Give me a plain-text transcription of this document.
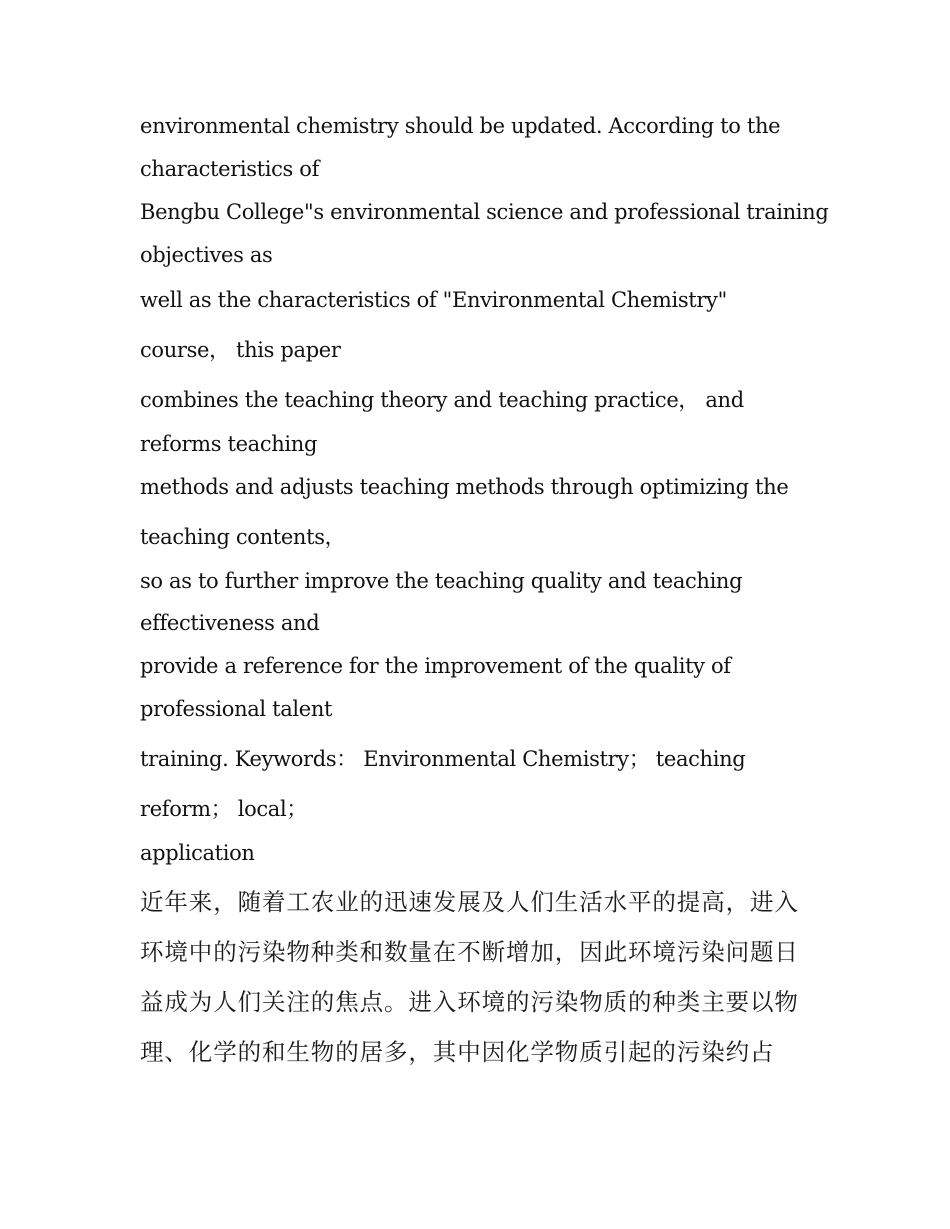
environmental chemistry should be updated. According to the
characteristics of
Bengbu College"s environmental science and professional training
objectives as
well as the characteristics of "Environmental Chemistry"
course， this paper
combines the teaching theory and teaching practice， and
reforms teaching
methods and adjusts teaching methods through optimizing the
teaching contents，
so as to further improve the teaching quality and teaching
effectiveness and
provide a reference for the improvement of the quality of
professional talent
training. Keywords： Environmental Chemistry； teaching
reform； local；
application
近年来，随着工农业的迅速发展及人们生活水平的提高，进入
环境中的污染物种类和数量在不断增加，因此环境污染问题日
益成为人们关注的焦点。进入环境的污染物质的种类主要以物
理、化学的和生物的居多，其中因化学物质引起的污染约占
